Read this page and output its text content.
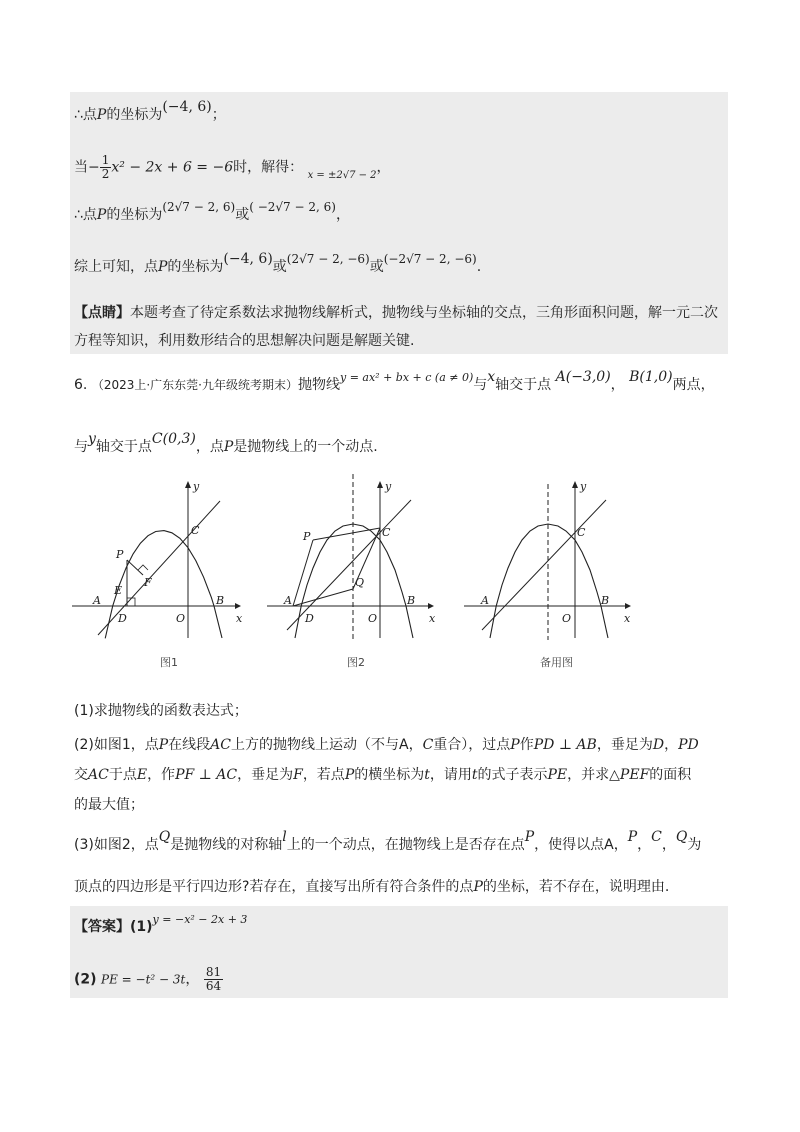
∴点P的坐标为(−4, 6)；
当− $\frac{1}{2} x^2 - 2x + 6 = -6$时，解得： $_{x = \pm 2√7 - 2}$，
∴点P的坐标为(2√7 − 2, 6)或( −2√7 − 2, 6)，
综上可知，点P的坐标为(−4, 6)或(2√7 − 2, −6)或(−2√7 − 2, −6).
【点睛】本题考查了待定系数法求抛物线解析式，抛物线与坐标轴的交点，三角形面积问题，解一元二次
方程等知识，利用数形结合的思想解决问题是解题关键.
6. （2023上·广东东莞·九年级统考期末）抛物线$^{y = ax^2 + bx + c (a \ne 0)}$与x轴交于点 A(−3,0)， B(1,0)两点，
与y轴交于点C(0,3)，点P是抛物线上的一个动点.
y
x
A	B
C
O
D
E
F
P
图1
y
x
A	B
C
O
D
Q
P
图2
y
x
A	B
C
O
备用图
(1)求抛物线的函数表达式；
(2)如图1，点P在线段AC上方的抛物线上运动（不与A，C重合），过点P作PD ⊥ AB，垂足为D，PD
交AC于点E，作PF ⊥ AC，垂足为F，若点P的横坐标为t，请用t的式子表示PE，并求△PEF的面积
的最大值；
(3)如图2，点Q是抛物线的对称轴l上的一个动点，在抛物线上是否存在点P，使得以点A，P，C，Q为
顶点的四边形是平行四边形?若存在，直接写出所有符合条件的点P的坐标，若不存在，说明理由.
【答案】$(1)^{y = -x^2 - 2x + 3}$
(2) PE = −t² − 3t， $\frac{81}{64}$
